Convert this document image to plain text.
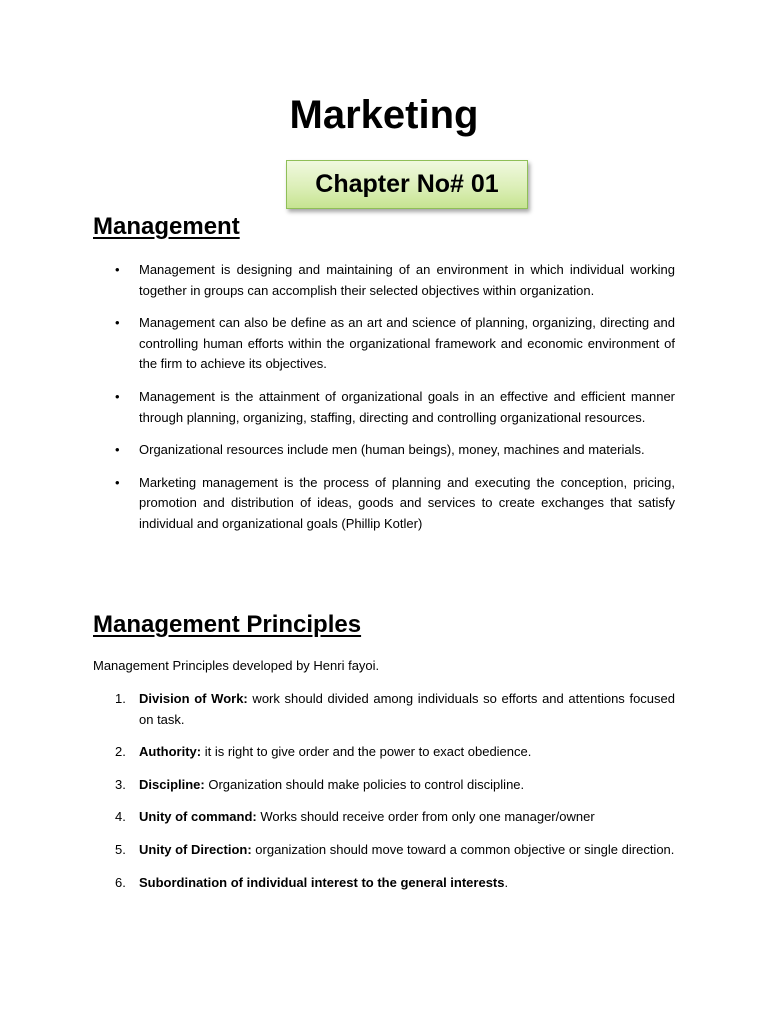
Marketing
Chapter No# 01
Management
• Management is designing and maintaining of an environment in which individual working together in groups can accomplish their selected objectives within organization.
• Management can also be define as an art and science of planning, organizing, directing and controlling human efforts within the organizational framework and economic environment of the firm to achieve its objectives.
• Management is the attainment of organizational goals in an effective and efficient manner through planning, organizing, staffing, directing and controlling organizational resources.
• Organizational resources include men (human beings), money, machines and materials.
• Marketing management is the process of planning and executing the conception, pricing, promotion and distribution of ideas, goods and services to create exchanges that satisfy individual and organizational goals (Phillip Kotler)
Management Principles

Management Principles developed by Henri fayoi.

1. Division of Work: work should divided among individuals so efforts and attentions focused on task.
2. Authority: it is right to give order and the power to exact obedience.
3. Discipline: Organization should make policies to control discipline.
4. Unity of command: Works should receive order from only one manager/owner
5. Unity of Direction: organization should move toward a common objective or single direction.
6. Subordination of individual interest to the general interests.
